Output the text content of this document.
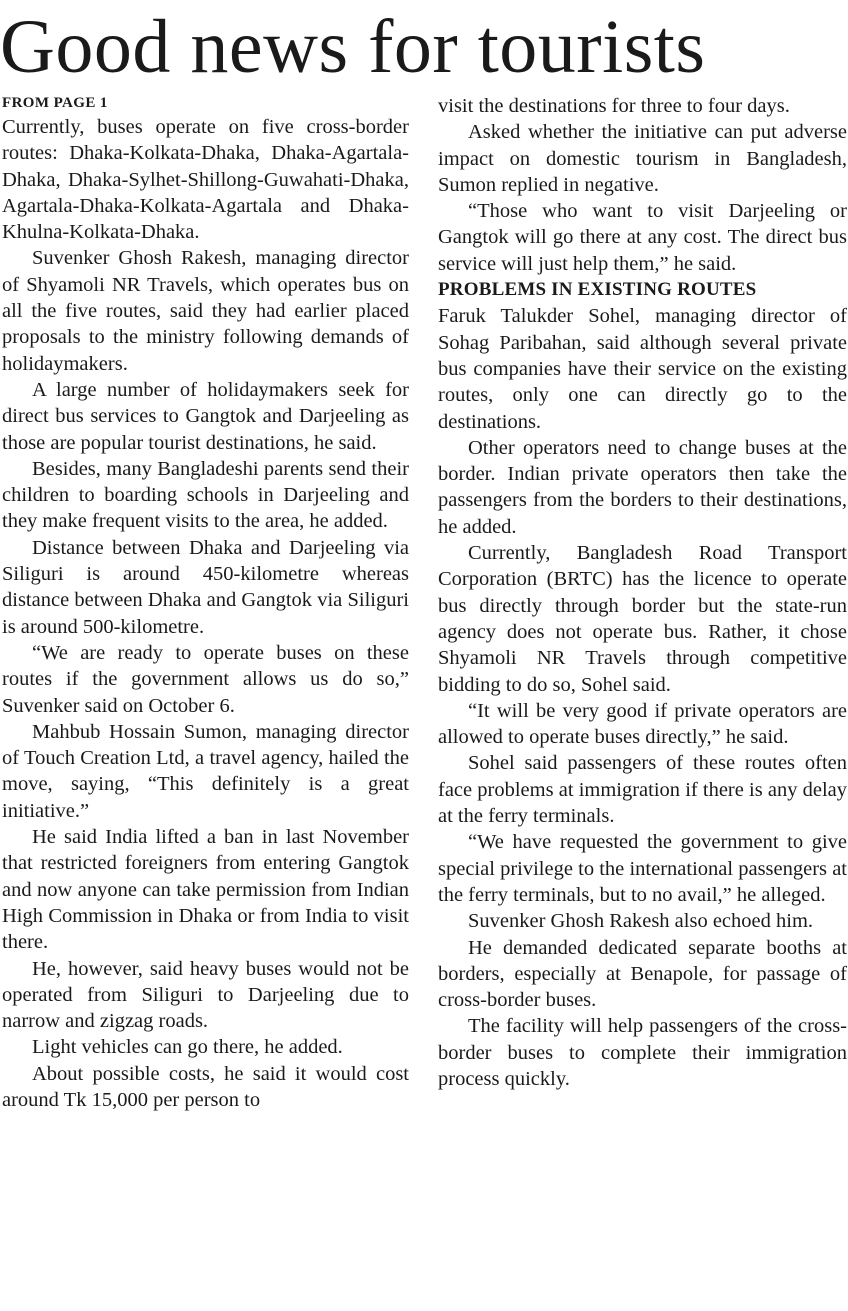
Good news for tourists
FROM PAGE 1

Currently, buses operate on five cross-border routes: Dhaka-Kolkata-Dhaka, Dhaka-Agartala-Dhaka, Dhaka-Sylhet-Shillong-Guwahati-Dhaka, Agartala-Dhaka-Kolkata-Agartala and Dhaka-Khulna-Kolkata-Dhaka.

Suvenker Ghosh Rakesh, managing director of Shyamoli NR Travels, which operates bus on all the five routes, said they had earlier placed proposals to the ministry following demands of holidaymakers.

A large number of holidaymakers seek for direct bus services to Gangtok and Darjeeling as those are popular tourist destinations, he said.

Besides, many Bangladeshi parents send their children to boarding schools in Darjeeling and they make frequent visits to the area, he added.

Distance between Dhaka and Darjeeling via Siliguri is around 450-kilometre whereas distance between Dhaka and Gangtok via Siliguri is around 500-kilometre.

“We are ready to operate buses on these routes if the government allows us do so,” Suvenker said on October 6.

Mahbub Hossain Sumon, managing director of Touch Creation Ltd, a travel agency, hailed the move, saying, “This definitely is a great initiative.”

He said India lifted a ban in last November that restricted foreigners from entering Gangtok and now anyone can take permission from Indian High Commission in Dhaka or from India to visit there.

He, however, said heavy buses would not be operated from Siliguri to Darjeeling due to narrow and zigzag roads.

Light vehicles can go there, he added.

About possible costs, he said it would cost around Tk 15,000 per person to

visit the destinations for three to four days.

Asked whether the initiative can put adverse impact on domestic tourism in Bangladesh, Sumon replied in negative.

“Those who want to visit Darjeeling or Gangtok will go there at any cost. The direct bus service will just help them,” he said.

PROBLEMS IN EXISTING ROUTES

Faruk Talukder Sohel, managing director of Sohag Paribahan, said although several private bus companies have their service on the existing routes, only one can directly go to the destinations.

Other operators need to change buses at the border. Indian private operators then take the passengers from the borders to their destinations, he added.

Currently, Bangladesh Road Transport Corporation (BRTC) has the licence to operate bus directly through border but the state-run agency does not operate bus. Rather, it chose Shyamoli NR Travels through competitive bidding to do so, Sohel said.

“It will be very good if private operators are allowed to operate buses directly,” he said.

Sohel said passengers of these routes often face problems at immigration if there is any delay at the ferry terminals.

“We have requested the government to give special privilege to the international passengers at the ferry terminals, but to no avail,” he alleged.

Suvenker Ghosh Rakesh also echoed him.

He demanded dedicated separate booths at borders, especially at Benapole, for passage of cross-border buses.

The facility will help passengers of the cross-border buses to complete their immigration process quickly.
